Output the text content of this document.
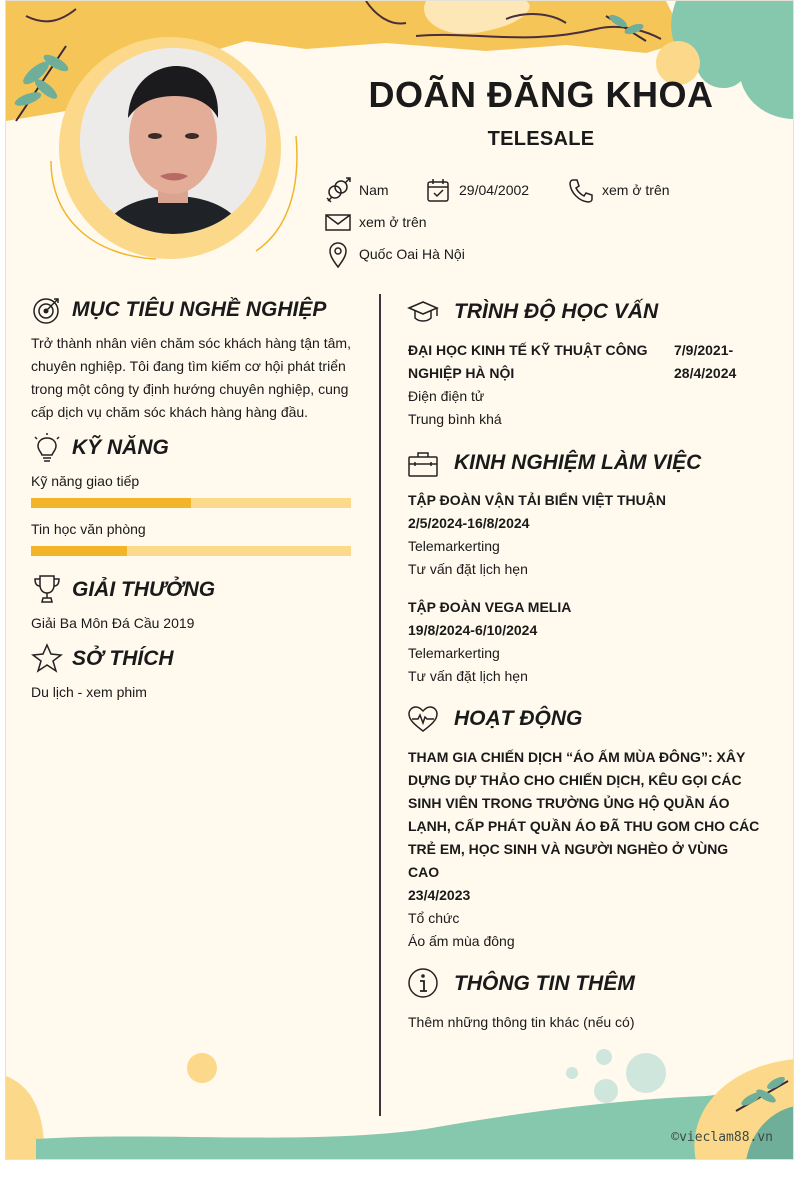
DOÃN ĐĂNG KHOA
TELESALE
Nam	29/04/2002	xem ở trên
xem ở trên
Quốc Oai Hà Nội
MỤC TIÊU NGHỀ NGHIỆP
Trở thành nhân viên chăm sóc khách hàng tận tâm,
chuyên nghiệp. Tôi đang tìm kiếm cơ hội phát triển
trong một công ty định hướng chuyên nghiệp, cung
cấp dịch vụ chăm sóc khách hàng hàng đầu.
KỸ NĂNG
Kỹ năng giao tiếp
Tin học văn phòng
GIẢI THƯỞNG
Giải Ba Môn Đá Cầu 2019
SỞ THÍCH
Du lịch - xem phim
TRÌNH ĐỘ HỌC VẤN
ĐẠI HỌC KINH TẾ KỸ THUẬT CÔNG
NGHIỆP HÀ NỘI
7/9/2021-
28/4/2024
Điện điện tử
Trung bình khá
KINH NGHIỆM LÀM VIỆC
TẬP ĐOÀN VẬN TẢI BIỂN VIỆT THUẬN
2/5/2024-16/8/2024
Telemarkerting
Tư vấn đặt lịch hẹn
TẬP ĐOÀN VEGA MELIA
19/8/2024-6/10/2024
Telemarkerting
Tư vấn đặt lịch hẹn
HOẠT ĐỘNG
THAM GIA CHIẾN DỊCH “ÁO ẤM MÙA ĐÔNG”: XÂY
DỰNG DỰ THẢO CHO CHIẾN DỊCH, KÊU GỌI CÁC
SINH VIÊN TRONG TRƯỜNG ỦNG HỘ QUẦN ÁO
LẠNH, CẤP PHÁT QUẦN ÁO ĐÃ THU GOM CHO CÁC
TRẺ EM, HỌC SINH VÀ NGƯỜI NGHÈO Ở VÙNG
CAO
23/4/2023
Tổ chức
Áo ấm mùa đông
THÔNG TIN THÊM
Thêm những thông tin khác (nếu có)
©vieclam88.vn
